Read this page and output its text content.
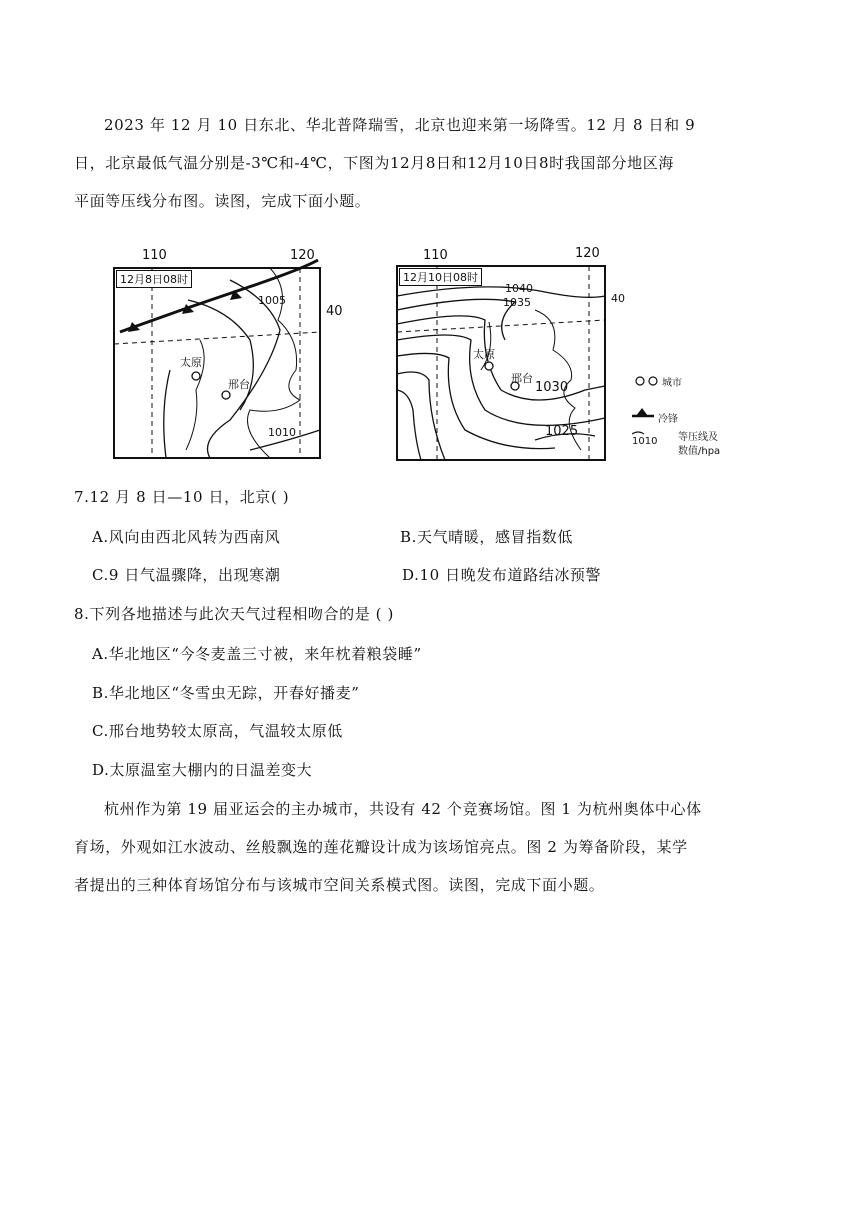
2023 年 12 月 10 日东北、华北普降瑞雪，北京也迎来第一场降雪。12 月 8 日和 9
日，北京最低气温分别是-3℃和-4℃，下图为12月8日和12月10日8时我国部分地区海
平面等压线分布图。读图，完成下面小题。
110	120
40
12月8日08时
太原
邢台
1005
1010
110	120
40
12月10日08时
太原
邢台
1040
1035
1030
1025
城市
冷锋
1010 等压线及
数值/hpa
7.12 月 8 日—10 日，北京( )
A.风向由西北风转为西南风	B.天气晴暖，感冒指数低
C.9 日气温骤降，出现寒潮	D.10 日晚发布道路结冰预警
8.下列各地描述与此次天气过程相吻合的是 ( )
A.华北地区“今冬麦盖三寸被，来年枕着粮袋睡”
B.华北地区“冬雪虫无踪，开春好播麦”
C.邢台地势较太原高，气温较太原低
D.太原温室大棚内的日温差变大
杭州作为第 19 届亚运会的主办城市，共设有 42 个竞赛场馆。图 1 为杭州奥体中心体
育场，外观如江水波动、丝般飘逸的莲花瓣设计成为该场馆亮点。图 2 为筹备阶段，某学
者提出的三种体育场馆分布与该城市空间关系模式图。读图，完成下面小题。
